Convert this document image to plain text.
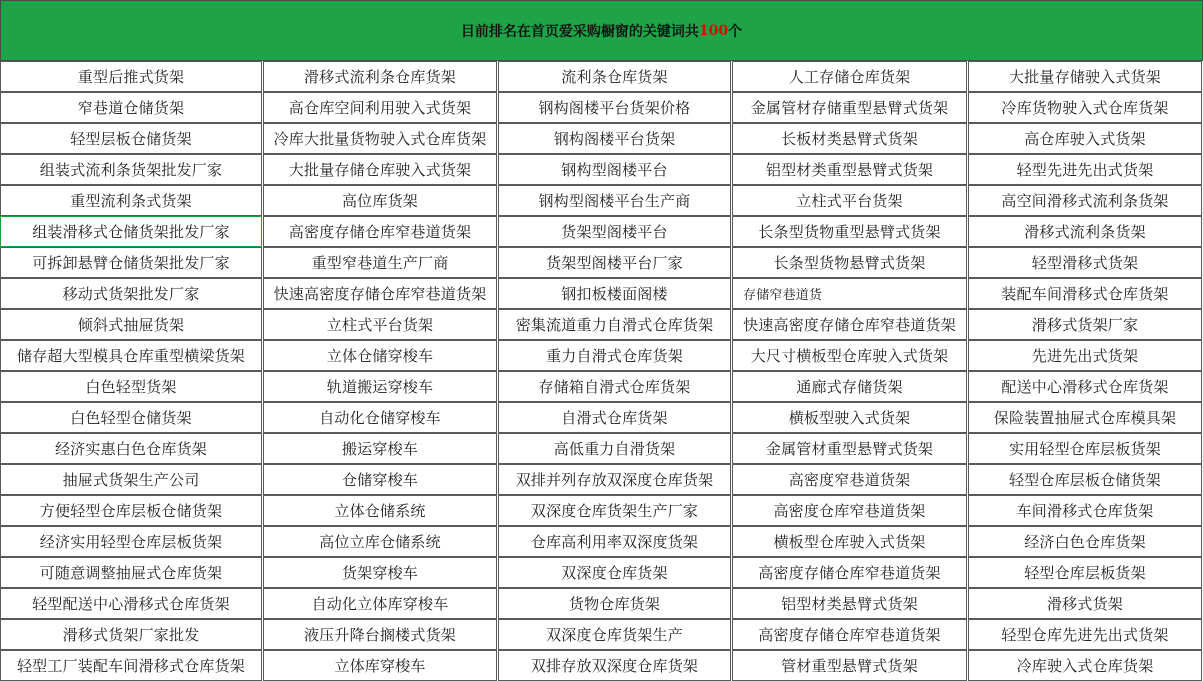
目前排名在首页爱采购橱窗的关键词共 100 个
重型后推式货架	滑移式流利条仓库货架	流利条仓库货架	人工存储仓库货架	大批量存储驶入式货架
窄巷道仓储货架	高仓库空间利用驶入式货架	钢构阁楼平台货架价格	金属管材存储重型悬臂式货架	冷库货物驶入式仓库货架
轻型层板仓储货架	冷库大批量货物驶入式仓库货架	钢构阁楼平台货架	长板材类悬臂式货架	高仓库驶入式货架
组装式流利条货架批发厂家	大批量存储仓库驶入式货架	钢构型阁楼平台	铝型材类重型悬臂式货架	轻型先进先出式货架
重型流利条式货架	高位库货架	钢构型阁楼平台生产商	立柱式平台货架	高空间滑移式流利条货架
组装滑移式仓储货架批发厂家	高密度存储仓库窄巷道货架	货架型阁楼平台	长条型货物重型悬臂式货架	滑移式流利条货架
可拆卸悬臂仓储货架批发厂家	重型窄巷道生产厂商	货架型阁楼平台厂家	长条型货物悬臂式货架	轻型滑移式货架
移动式货架批发厂家	快速高密度存储仓库窄巷道货架	钢扣板楼面阁楼	存储窄巷道货	装配车间滑移式仓库货架
倾斜式抽屉货架	立柱式平台货架	密集流道重力自滑式仓库货架	快速高密度存储仓库窄巷道货架	滑移式货架厂家
储存超大型模具仓库重型横梁货架	立体仓储穿梭车	重力自滑式仓库货架	大尺寸横板型仓库驶入式货架	先进先出式货架
白色轻型货架	轨道搬运穿梭车	存储箱自滑式仓库货架	通廊式存储货架	配送中心滑移式仓库货架
白色轻型仓储货架	自动化仓储穿梭车	自滑式仓库货架	横板型驶入式货架	保险装置抽屉式仓库模具架
经济实惠白色仓库货架	搬运穿梭车	高低重力自滑货架	金属管材重型悬臂式货架	实用轻型仓库层板货架
抽屉式货架生产公司	仓储穿梭车	双排并列存放双深度仓库货架	高密度窄巷道货架	轻型仓库层板仓储货架
方便轻型仓库层板仓储货架	立体仓储系统	双深度仓库货架生产厂家	高密度仓库窄巷道货架	车间滑移式仓库货架
经济实用轻型仓库层板货架	高位立库仓储系统	仓库高利用率双深度货架	横板型仓库驶入式货架	经济白色仓库货架
可随意调整抽屉式仓库货架	货架穿梭车	双深度仓库货架	高密度存储仓库窄巷道货架	轻型仓库层板货架
轻型配送中心滑移式仓库货架	自动化立体库穿梭车	货物仓库货架	铝型材类悬臂式货架	滑移式货架
滑移式货架厂家批发	液压升降台搁楼式货架	双深度仓库货架生产	高密度存储仓库窄巷道货架	轻型仓库先进先出式货架
轻型工厂装配车间滑移式仓库货架	立体库穿梭车	双排存放双深度仓库货架	管材重型悬臂式货架	冷库驶入式仓库货架
